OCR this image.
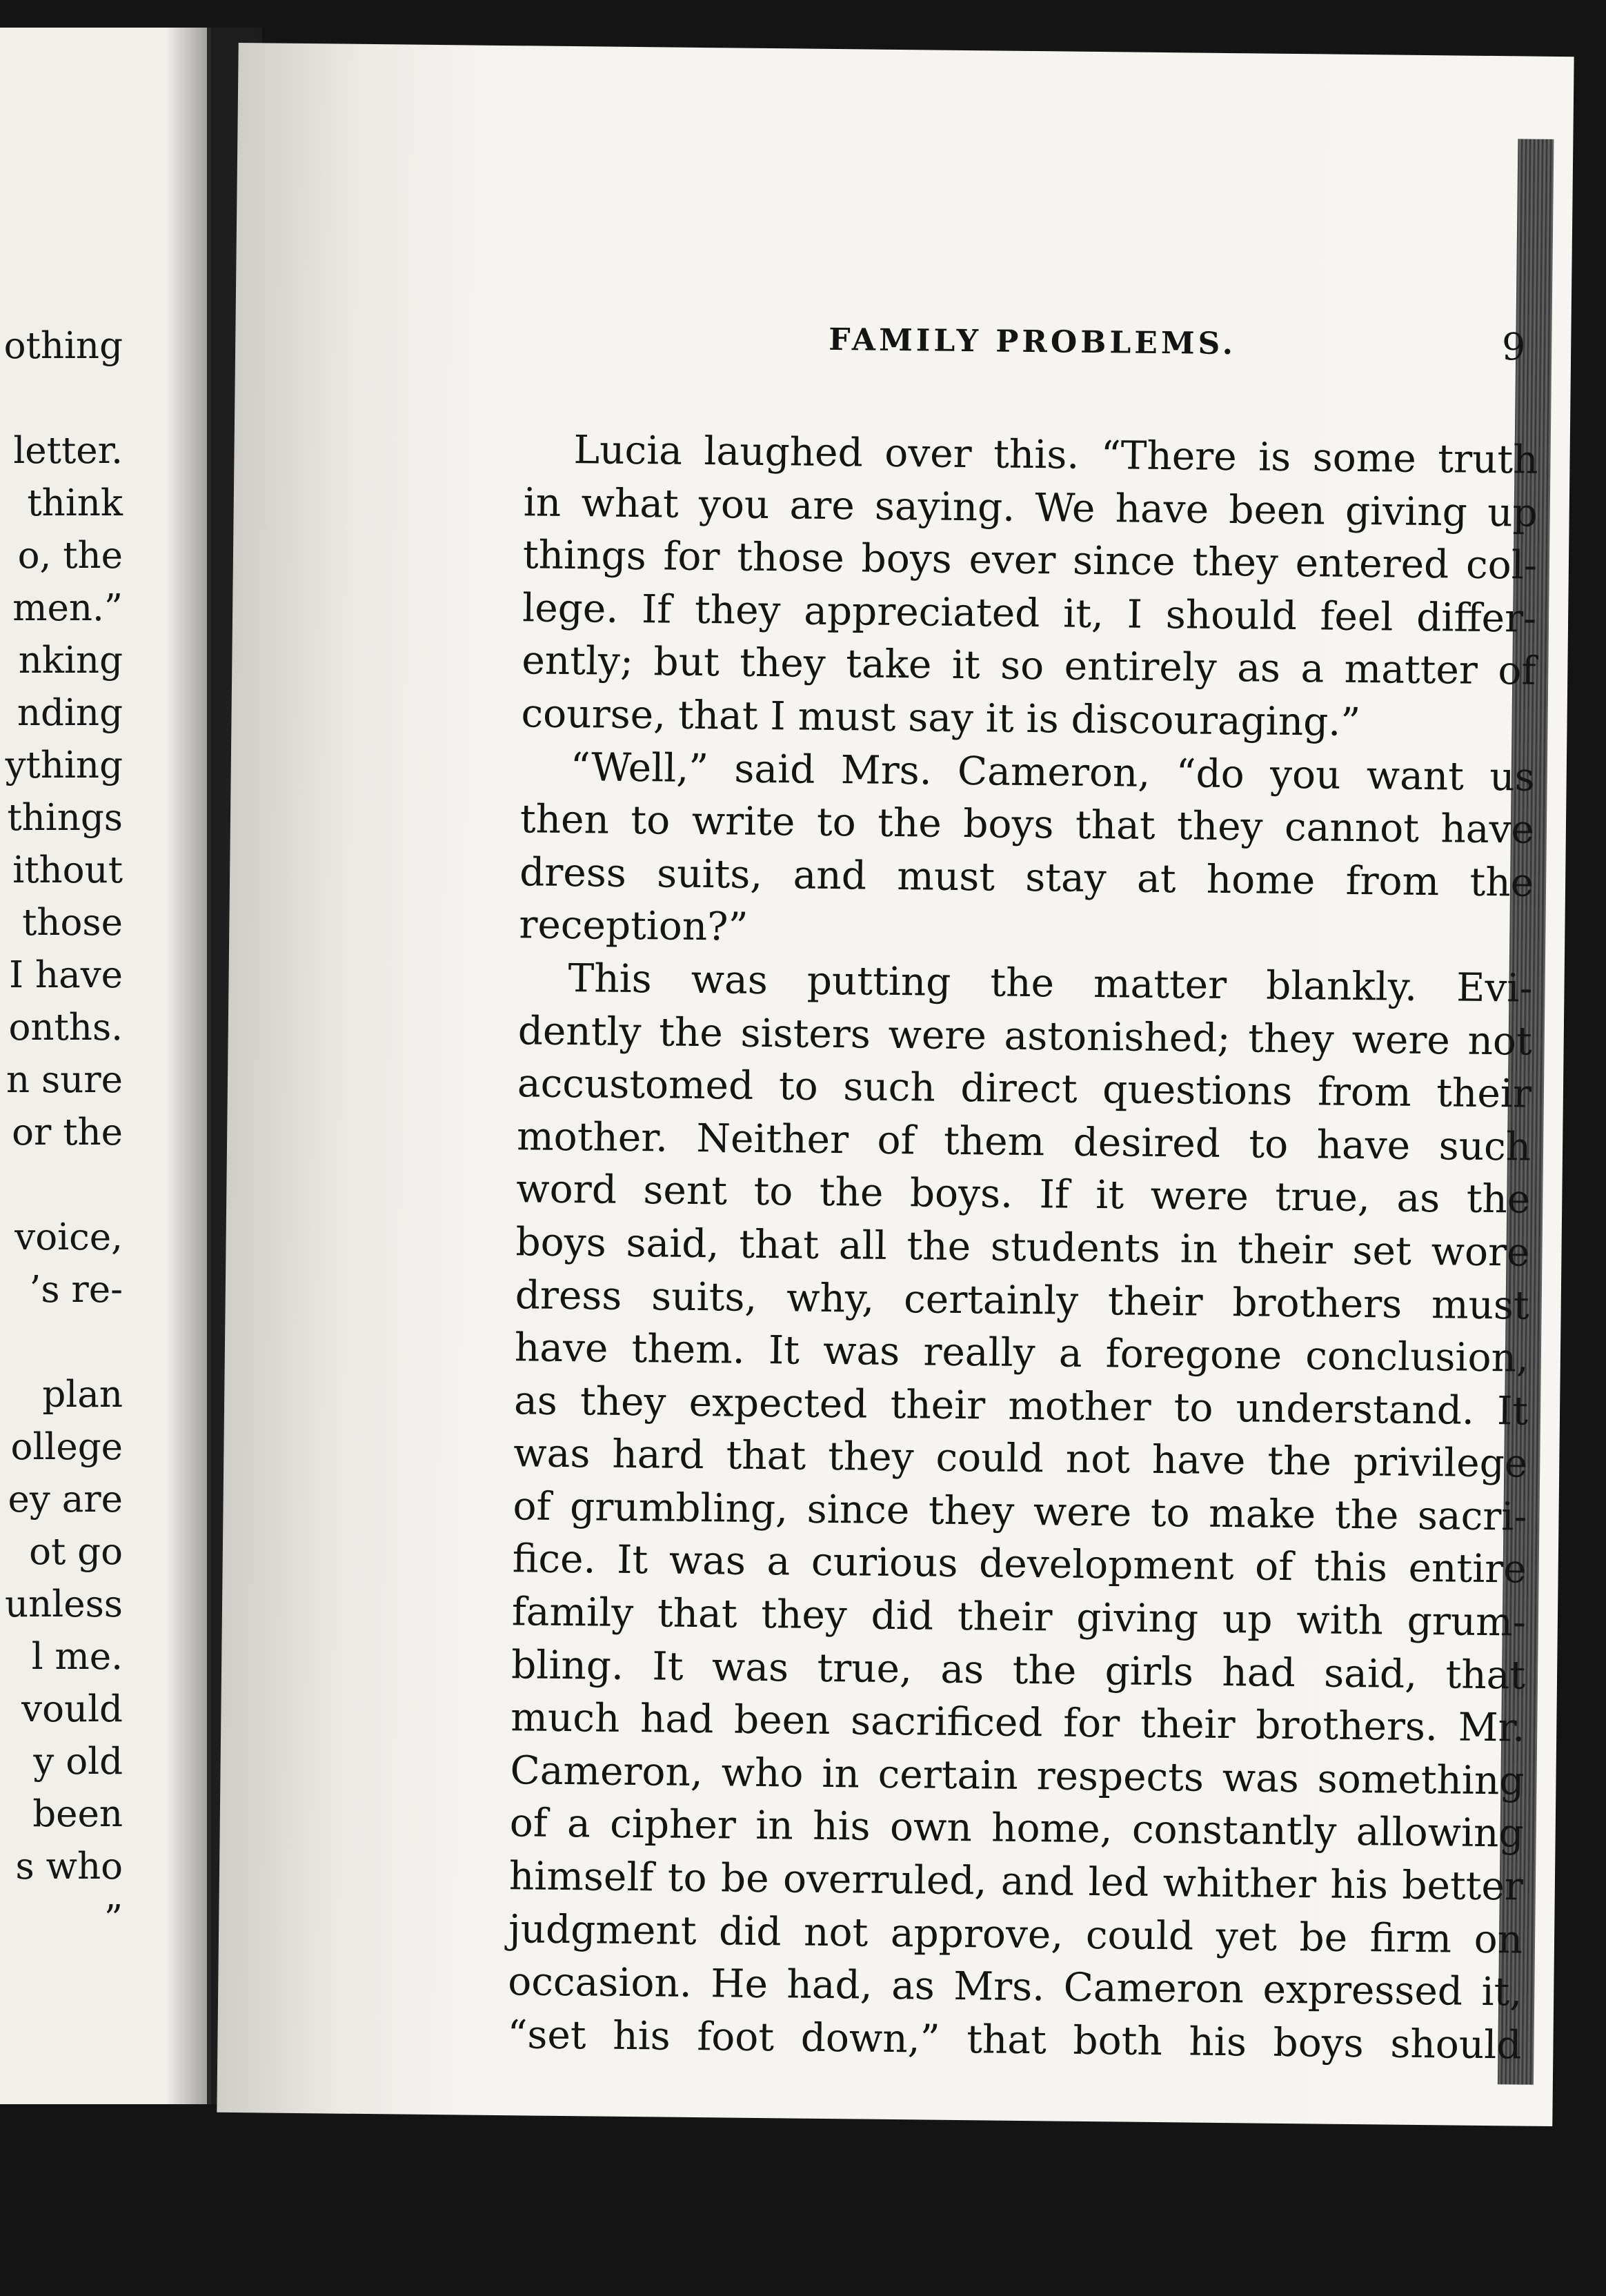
othing
letter.
think
o, the
men.”
nking
nding
ything
things
ithout
those
I have
onths.
n sure
or the
voice,
’s re-
plan
ollege
ey are
ot go
unless
l me.
vould
y old
been
s who
”
FAMILY PROBLEMS.	9
Lucia laughed over this. “There is some truth
in what you are saying. We have been giving up
things for those boys ever since they entered col-
lege. If they appreciated it, I should feel differ-
ently; but they take it so entirely as a matter of
course, that I must say it is discouraging.”
“Well,” said Mrs. Cameron, “do you want us
then to write to the boys that they cannot have
dress suits, and must stay at home from the
reception?”
This was putting the matter blankly. Evi-
dently the sisters were astonished; they were not
accustomed to such direct questions from their
mother. Neither of them desired to have such
word sent to the boys. If it were true, as the
boys said, that all the students in their set wore
dress suits, why, certainly their brothers must
have them. It was really a foregone conclusion,
as they expected their mother to understand. It
was hard that they could not have the privilege
of grumbling, since they were to make the sacri-
fice. It was a curious development of this entire
family that they did their giving up with grum-
bling. It was true, as the girls had said, that
much had been sacrificed for their brothers. Mr.
Cameron, who in certain respects was something
of a cipher in his own home, constantly allowing
himself to be overruled, and led whither his better
judgment did not approve, could yet be firm on
occasion. He had, as Mrs. Cameron expressed it,
“set his foot down,” that both his boys should
